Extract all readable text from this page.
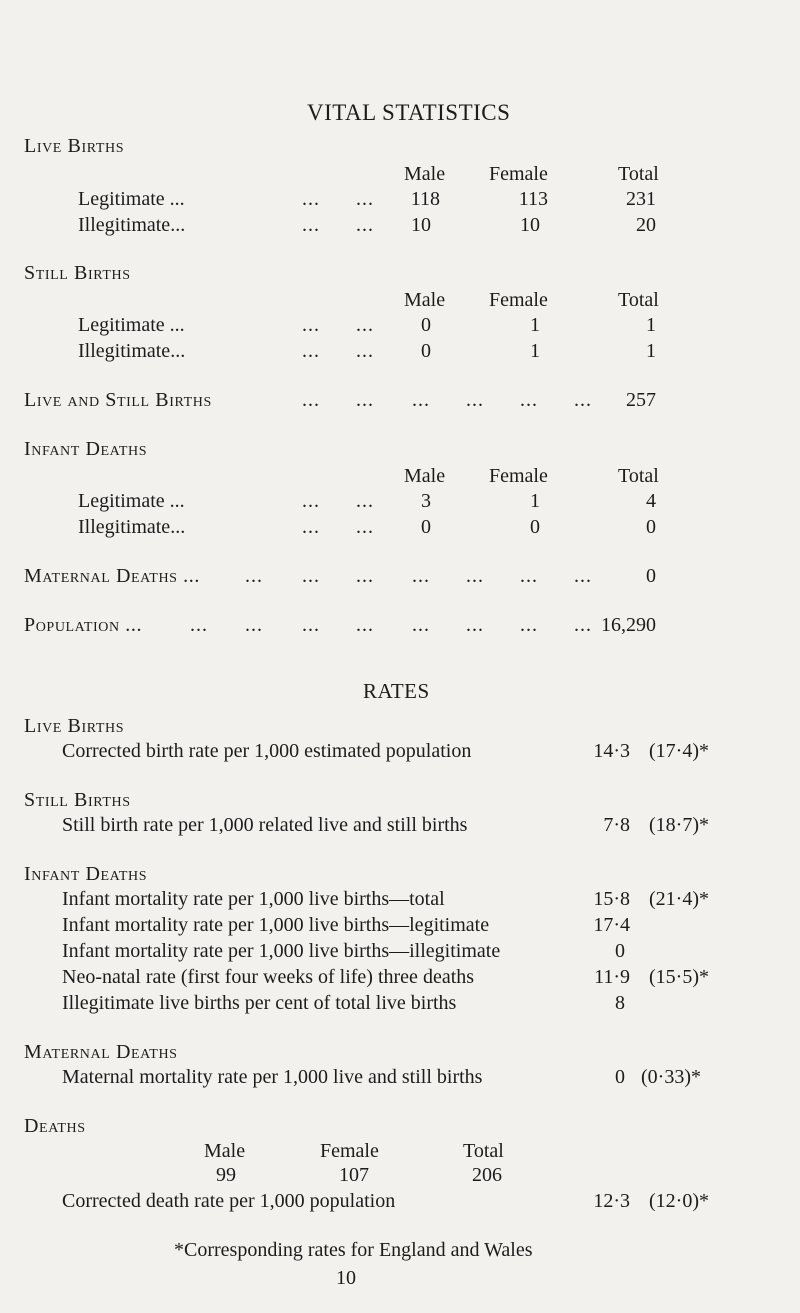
VITAL STATISTICS
Live Births
Male Female	Total
Legitimate ...	... ...	118	113	231
Illegitimate...	... ...	10	10	20
Still Births
Male Female	Total
Legitimate ...	... ...	0	1	1
Illegitimate...	... ...	0	1	1
Live and Still Births	... ... ... ... ... ...	257
Infant Deaths
Male Female	Total
Legitimate ...	... ...	3	1	4
Illegitimate...	... ...	0	0	0
Maternal Deaths ... ... ... ... ... ... ... ...	0
Population ... ... ... ... ... ... ... ... ... 16,290
RATES
Live Births
Corrected birth rate per 1,000 estimated population	14·3 (17·4)*
Still Births
Still birth rate per 1,000 related live and still births	7·8 (18·7)*
Infant Deaths
Infant mortality rate per 1,000 live births—total	15·8 (21·4)*
Infant mortality rate per 1,000 live births—legitimate	17·4
Infant mortality rate per 1,000 live births—illegitimate	0
Neo-natal rate (first four weeks of life) three deaths	11·9 (15·5)*
Illegitimate live births per cent of total live births	8
Maternal Deaths
Maternal mortality rate per 1,000 live and still births	0 (0·33)*
Deaths
Male	Female	Total
99	107	206
Corrected death rate per 1,000 population	12·3 (12·0)*
*Corresponding rates for England and Wales
10
